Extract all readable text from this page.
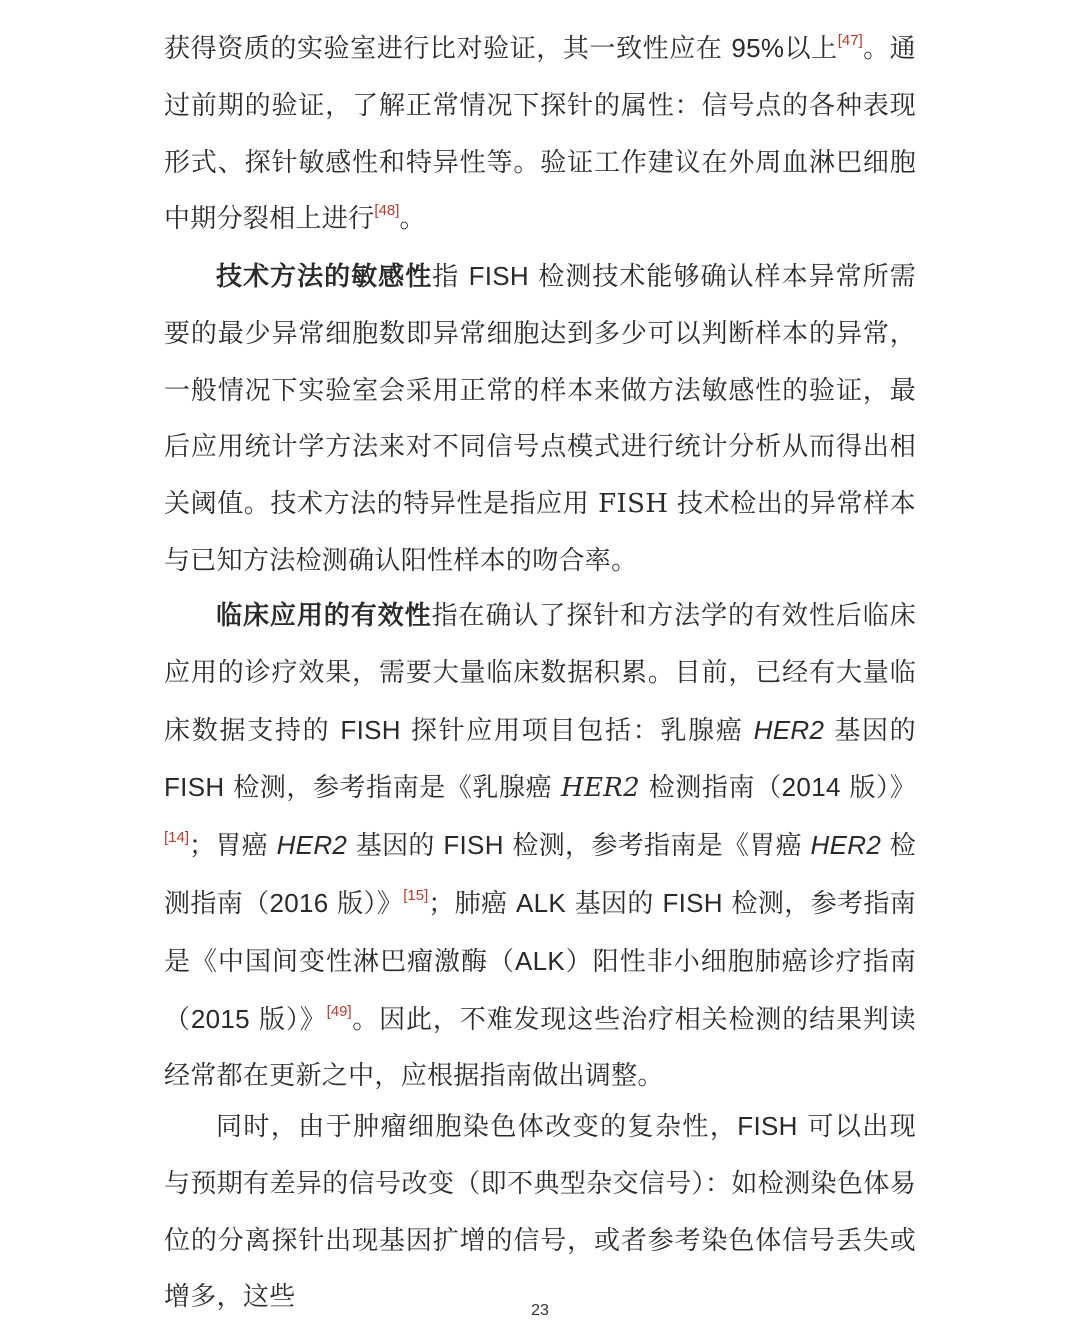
获得资质的实验室进行比对验证，其一致性应在 95%以上[47]。通过前期的验证，了解正常情况下探针的属性：信号点的各种表现形式、探针敏感性和特异性等。验证工作建议在外周血淋巴细胞中期分裂相上进行[48]。

技术方法的敏感性指 FISH 检测技术能够确认样本异常所需要的最少异常细胞数即异常细胞达到多少可以判断样本的异常，一般情况下实验室会采用正常的样本来做方法敏感性的验证，最后应用统计学方法来对不同信号点模式进行统计分析从而得出相关阈值。技术方法的特异性是指应用 FISH 技术检出的异常样本与已知方法检测确认阳性样本的吻合率。

临床应用的有效性指在确认了探针和方法学的有效性后临床应用的诊疗效果，需要大量临床数据积累。目前，已经有大量临床数据支持的 FISH 探针应用项目包括：乳腺癌 HER2 基因的 FISH 检测，参考指南是《乳腺癌 HER2 检测指南（2014 版）》[14]；胃癌 HER2 基因的 FISH 检测，参考指南是《胃癌 HER2 检测指南（2016 版）》[15]；肺癌 ALK 基因的 FISH 检测，参考指南是《中国间变性淋巴瘤激酶（ALK）阳性非小细胞肺癌诊疗指南（2015 版）》[49]。因此，不难发现这些治疗相关检测的结果判读经常都在更新之中，应根据指南做出调整。

同时，由于肿瘤细胞染色体改变的复杂性，FISH 可以出现与预期有差异的信号改变（即不典型杂交信号）：如检测染色体易位的分离探针出现基因扩增的信号，或者参考染色体信号丢失或增多，这些	23
